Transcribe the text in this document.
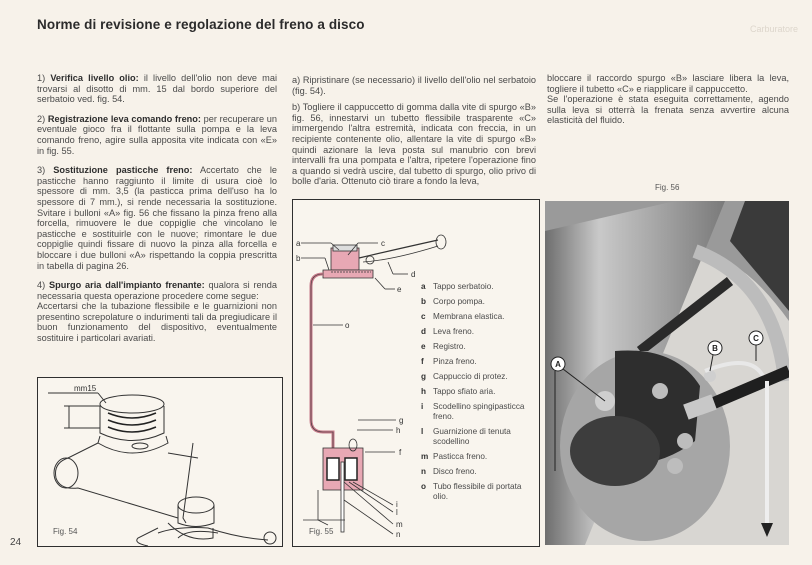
Norme di revisione e regolazione del freno a disco	Carburatore

1) Verifica livello olio: il livello dell'olio non deve mai trovarsi al disotto di mm. 15 dal bordo superiore del serbatoio ved. fig. 54.

2) Registrazione leva comando freno: per recuperare un eventuale gioco fra il flottante sulla pompa e la leva comando freno, agire sulla apposita vite indicata con «E» in fig. 55.

3) Sostituzione pasticche freno: Accertato che le pasticche hanno raggiunto il limite di usura cioè lo spessore di mm. 3,5 (la pasticca prima dell'uso ha lo spessore di 7 mm.), si rende necessaria la sostituzione. Svitare i bulloni «A» fig. 56 che fissano la pinza freno alla forcella, rimuovere le due coppiglie che vincolano le pasticche e sostituirle con le nuove; rimontare le due coppiglie quindi fissare di nuovo la pinza alla forcella e bloccare i due bulloni «A» rispettando la coppia prescritta in tabella di pagina 26.

4) Spurgo aria dall'impianto frenante: qualora si renda necessaria questa operazione procedere come segue:

Accertarsi che la tubazione flessibile e le guarnizioni non presentino screpolature o indurimenti tali da pregiudicare il buon funzionamento del dispositivo, eventualmente sostituire i particolari avariati.

a) Ripristinare (se necessario) il livello dell'olio nel serbatoio (fig. 54).

b) Togliere il cappuccetto di gomma dalla vite di spurgo «B» fig. 56, innestarvi un tubetto flessibile trasparente «C» immergendo l'altra estremità, indicata con freccia, in un recipiente contenente olio, allentare la vite di spurgo «B» quindi azionare la leva posta sul manubrio con brevi intervalli fra una pompata e l'altra, ripetere l'operazione fino a quando si vedrà uscire, dal tubetto di spurgo, olio privo di bolle d'aria. Ottenuto ciò tirare a fondo la leva,

bloccare il raccordo spurgo «B» lasciare libera la leva, togliere il tubetto «C» e riapplicare il cappuccetto.

Se l'operazione è stata eseguita correttamente, agendo sulla leva si otterrà la frenata senza avvertire alcuna elasticità del fluido.

mm15
Fig. 54
a
b
c
d
e
f
g
h
i
l
m
n
o
a Tappo serbatoio.
b Corpo pompa.
c Membrana elastica.
d Leva freno.
e Registro.
f	Pinza freno.
g Cappuccio di protez.
h Tappo sfiato aria.
i	Scodellino spingipasticca freno.
l	Guarnizione di tenuta scodellino
m Pasticca freno.
n Disco freno.
o Tubo flessibile di portata olio.
Fig. 55
Fig. 56
A
B
C
24
